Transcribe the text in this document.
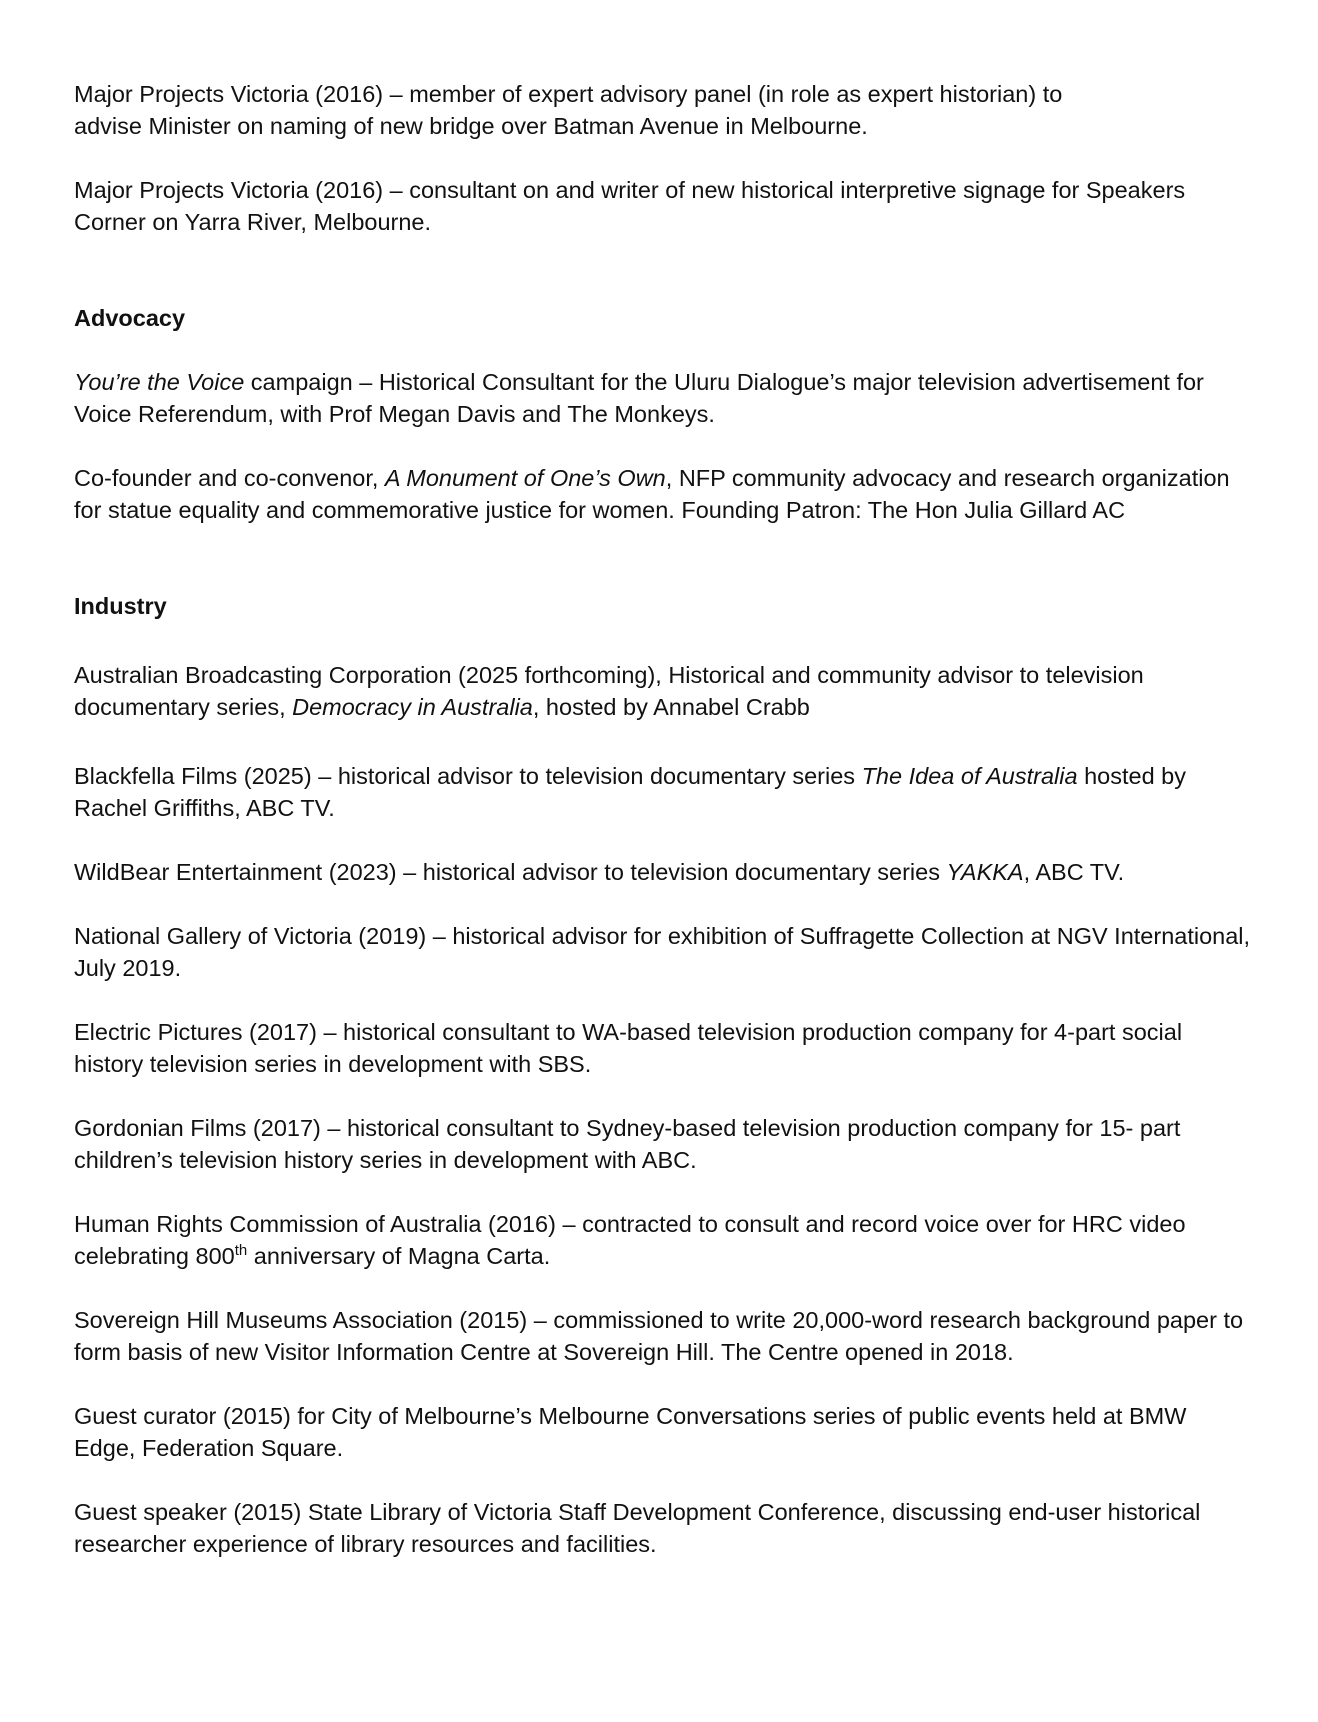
Major Projects Victoria (2016) – member of expert advisory panel (in role as expert historian) to
advise Minister on naming of new bridge over Batman Avenue in Melbourne.

Major Projects Victoria (2016) – consultant on and writer of new historical interpretive signage for Speakers Corner on Yarra River, Melbourne.

Advocacy

You’re the Voice campaign – Historical Consultant for the Uluru Dialogue’s major television advertisement for Voice Referendum, with Prof Megan Davis and The Monkeys.

Co-founder and co-convenor, A Monument of One’s Own, NFP community advocacy and research organization for statue equality and commemorative justice for women. Founding Patron: The Hon Julia Gillard AC

Industry

Australian Broadcasting Corporation (2025 forthcoming), Historical and community advisor to television documentary series, Democracy in Australia, hosted by Annabel Crabb

Blackfella Films (2025) – historical advisor to television documentary series The Idea of Australia hosted by Rachel Griffiths, ABC TV.

WildBear Entertainment (2023) – historical advisor to television documentary series YAKKA, ABC TV.

National Gallery of Victoria (2019) – historical advisor for exhibition of Suffragette Collection at NGV International, July 2019.

Electric Pictures (2017) – historical consultant to WA-based television production company for 4-part social history television series in development with SBS.

Gordonian Films (2017) – historical consultant to Sydney-based television production company for 15- part children’s television history series in development with ABC.

Human Rights Commission of Australia (2016) – contracted to consult and record voice over for HRC video celebrating 800th anniversary of Magna Carta.

Sovereign Hill Museums Association (2015) – commissioned to write 20,000-word research background paper to form basis of new Visitor Information Centre at Sovereign Hill. The Centre opened in 2018.

Guest curator (2015) for City of Melbourne’s Melbourne Conversations series of public events held at BMW Edge, Federation Square.

Guest speaker (2015) State Library of Victoria Staff Development Conference, discussing end-user historical researcher experience of library resources and facilities.
